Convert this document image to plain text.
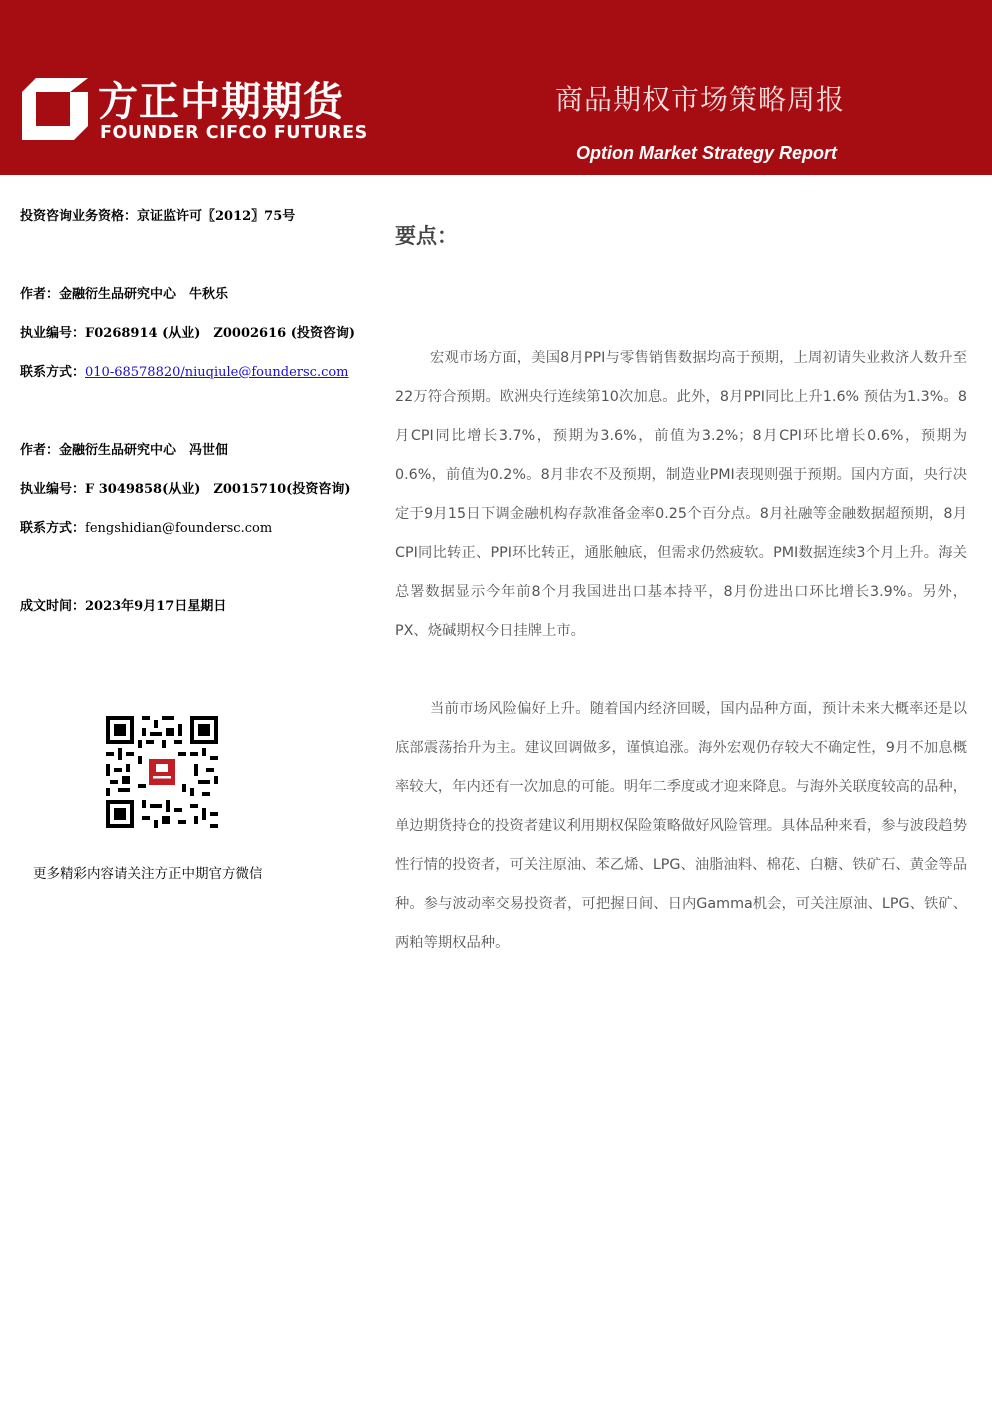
方正中期期货
FOUNDER CIFCO FUTURES
商品期权市场策略周报
Option Market Strategy Report
投资咨询业务资格：京证监许可〖2012〗75号
作者：金融衍生品研究中心　牛秋乐
执业编号：F0268914 (从业)　Z0002616 (投资咨询)
联系方式：010-68578820/niuqiule@foundersc.com
作者：金融衍生品研究中心　冯世佃
执业编号：F 3049858(从业)　Z0015710(投资咨询)
联系方式：fengshidian@foundersc.com
成文时间：2023年9月17日星期日
更多精彩内容请关注方正中期官方微信
要点：

宏观市场方面，美国8月PPI与零售销售数据均高于预期，上周初请失业救济人数升至22万符合预期。欧洲央行连续第10次加息。此外，8月PPI同比上升1.6% 预估为1.3%。8月CPI同比增长3.7%，预期为3.6%，前值为3.2%；8月CPI环比增长0.6%，预期为0.6%，前值为0.2%。8月非农不及预期，制造业PMI表现则强于预期。国内方面，央行决定于9月15日下调金融机构存款准备金率0.25个百分点。8月社融等金融数据超预期，8月CPI同比转正、PPI环比转正，通胀触底，但需求仍然疲软。PMI数据连续3个月上升。海关总署数据显示今年前8个月我国进出口基本持平，8月份进出口环比增长3.9%。另外，PX、烧碱期权今日挂牌上市。

当前市场风险偏好上升。随着国内经济回暖，国内品种方面，预计未来大概率还是以底部震荡抬升为主。建议回调做多，谨慎追涨。海外宏观仍存较大不确定性，9月不加息概率较大，年内还有一次加息的可能。明年二季度或才迎来降息。与海外关联度较高的品种，单边期货持仓的投资者建议利用期权保险策略做好风险管理。具体品种来看，参与波段趋势性行情的投资者，可关注原油、苯乙烯、LPG、油脂油料、棉花、白糖、铁矿石、黄金等品种。参与波动率交易投资者，可把握日间、日内Gamma机会，可关注原油、LPG、铁矿、两粕等期权品种。
